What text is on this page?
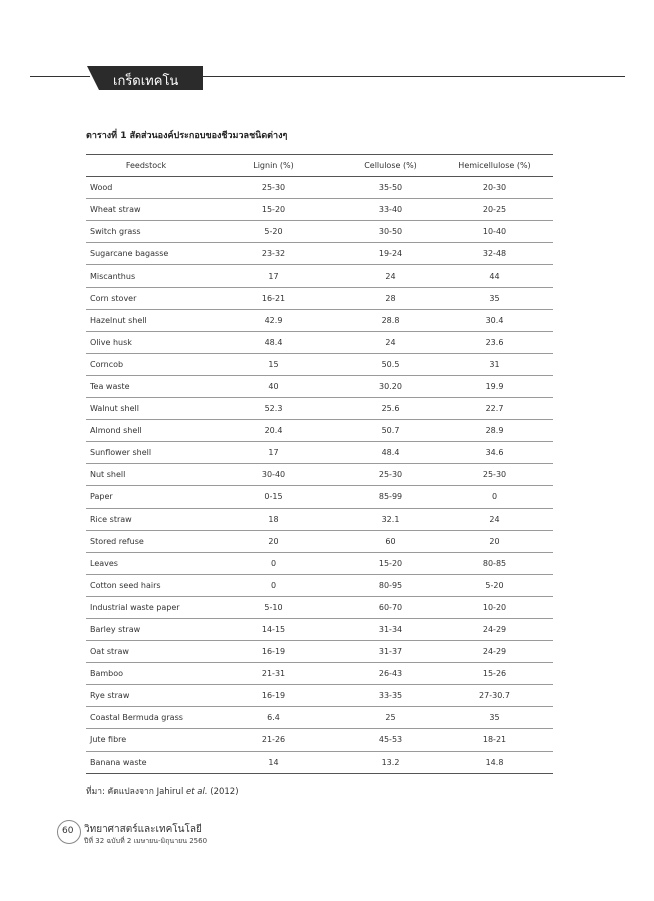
เกร็ดเทคโน
ตารางที่ 1 สัดส่วนองค์ประกอบของชีวมวลชนิดต่างๆ
Feedstock	Lignin (%)	Cellulose (%)	Hemicellulose (%)
Wood	25-30	35-50	20-30
Wheat straw	15-20	33-40	20-25
Switch grass	5-20	30-50	10-40
Sugarcane bagasse	23-32	19-24	32-48
Miscanthus	17	24	44
Corn stover	16-21	28	35
Hazelnut shell	42.9	28.8	30.4
Olive husk	48.4	24	23.6
Corncob	15	50.5	31
Tea waste	40	30.20	19.9
Walnut shell	52.3	25.6	22.7
Almond shell	20.4	50.7	28.9
Sunflower shell	17	48.4	34.6
Nut shell	30-40	25-30	25-30
Paper	0-15	85-99	0
Rice straw	18	32.1	24
Stored refuse	20	60	20
Leaves	0	15-20	80-85
Cotton seed hairs	0	80-95	5-20
Industrial waste paper	5-10	60-70	10-20
Barley straw	14-15	31-34	24-29
Oat straw	16-19	31-37	24-29
Bamboo	21-31	26-43	15-26
Rye straw	16-19	33-35	27-30.7
Coastal Bermuda grass	6.4	25	35
Jute fibre	21-26	45-53	18-21
Banana waste	14	13.2	14.8
ที่มา: คัดแปลงจาก Jahirul et al. (2012)
60 วิทยาศาสตร์และเทคโนโลยี
ปีที่ 32 ฉบับที่ 2 เมษายน-มิถุนายน 2560
